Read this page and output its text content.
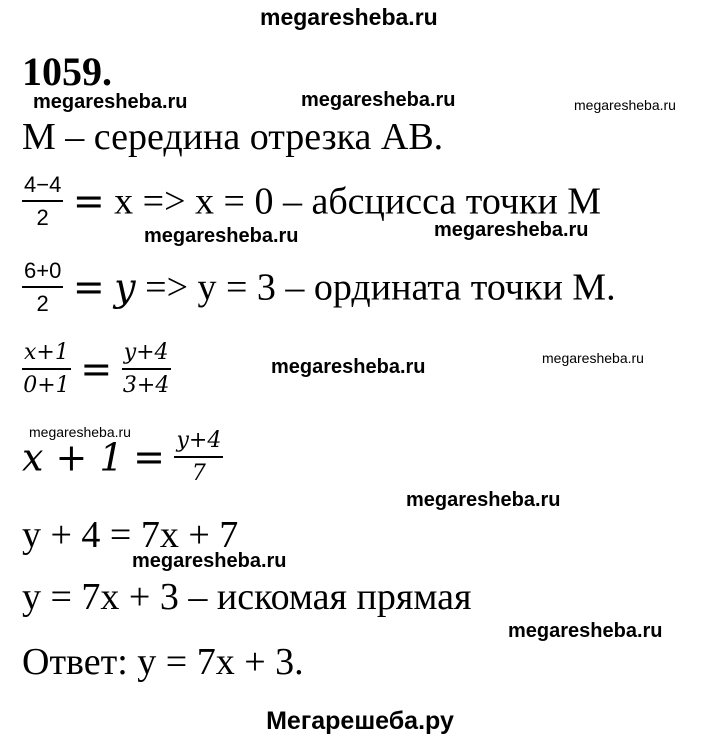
megaresheba.ru
1059.
megaresheba.ru	megaresheba.ru	megaresheba.ru
megaresheba.ru	megaresheba.ru
megaresheba.ru	megaresheba.ru
megaresheba.ru
megaresheba.ru
megaresheba.ru
megaresheba.ru
M – середина отрезка AB.
$\frac{4-4}{2} = x => x = 0$ – абсцисса точки M
$\frac{6+0}{2} = y => y = 3$ – ордината точки M.
$\frac{x+1}{0+1} = \frac{y+4}{3+4}$
$x + 1 = \frac{y+4}{7}$
y + 4 = 7x + 7
y = 7x + 3 – искомая прямая
Ответ: y = 7x + 3.
Мегарешеба.ру
